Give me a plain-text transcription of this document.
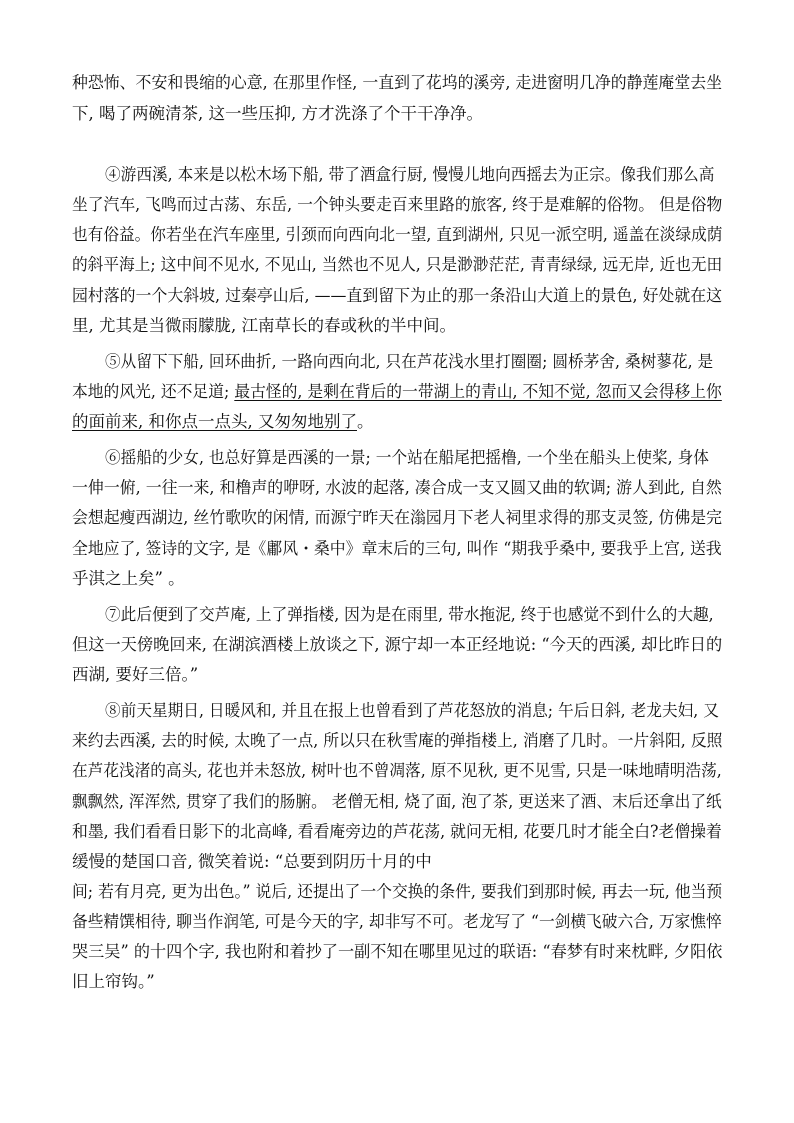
种恐怖、不安和畏缩的心意, 在那里作怪, 一直到了花坞的溪旁, 走进窗明几净的静莲庵堂去坐
下, 喝了两碗清茶, 这一些压抑, 方才洗涤了个干干净净。
④游西溪, 本来是以松木场下船, 带了酒盒行厨, 慢慢儿地向西摇去为正宗。像我们那么高
坐了汽车, 飞鸣而过古荡、东岳, 一个钟头要走百来里路的旅客, 终于是难解的俗物。 但是俗物
也有俗益。你若坐在汽车座里, 引颈而向西向北一望, 直到湖州, 只见一派空明, 遥盖在淡绿成荫
的斜平海上; 这中间不见水, 不见山, 当然也不见人, 只是渺渺茫茫, 青青绿绿, 远无岸, 近也无田
园村落的一个大斜坡, 过秦亭山后, ——直到留下为止的那一条沿山大道上的景色, 好处就在这
里, 尤其是当微雨朦胧, 江南草长的春或秋的半中间。
⑤从留下下船, 回环曲折, 一路向西向北, 只在芦花浅水里打圈圈; 圆桥茅舍, 桑树蓼花, 是
本地的风光, 还不足道; 最古怪的, 是剩在背后的一带湖上的青山, 不知不觉, 忽而又会得移上你
的面前来, 和你点一点头, 又匆匆地别了。
⑥摇船的少女, 也总好算是西溪的一景; 一个站在船尾把摇橹, 一个坐在船头上使桨, 身体
一伸一俯, 一往一来, 和橹声的咿呀, 水波的起落, 凑合成一支又圆又曲的软调; 游人到此, 自然
会想起瘦西湖边, 丝竹歌吹的闲情, 而源宁昨天在滃园月下老人祠里求得的那支灵签, 仿佛是完
全地应了, 签诗的文字, 是《鄘风・桑中》章末后的三句, 叫作 “期我乎桑中, 要我乎上宫, 送我
乎淇之上矣” 。
⑦此后便到了交芦庵, 上了弹指楼, 因为是在雨里, 带水拖泥, 终于也感觉不到什么的大趣,
但这一天傍晚回来, 在湖滨酒楼上放谈之下, 源宁却一本正经地说: “今天的西溪, 却比昨日的
西湖, 要好三倍。”
⑧前天星期日, 日暖风和, 并且在报上也曾看到了芦花怒放的消息; 午后日斜, 老龙夫妇, 又
来约去西溪, 去的时候, 太晚了一点, 所以只在秋雪庵的弹指楼上, 消磨了几时。一片斜阳, 反照
在芦花浅渚的高头, 花也并未怒放, 树叶也不曾凋落, 原不见秋, 更不见雪, 只是一味地晴明浩荡,
飘飘然, 浑浑然, 贯穿了我们的肠腑。 老僧无相, 烧了面, 泡了茶, 更送来了酒、末后还拿出了纸
和墨, 我们看看日影下的北高峰, 看看庵旁边的芦花荡, 就问无相, 花要几时才能全白?老僧操着
缓慢的楚国口音, 微笑着说: “总要到阴历十月的中
间; 若有月亮, 更为出色。” 说后, 还提出了一个交换的条件, 要我们到那时候, 再去一玩, 他当预
备些精馔相待, 聊当作润笔, 可是今天的字, 却非写不可。老龙写了 “一剑横飞破六合, 万家憔悴
哭三吴” 的十四个字, 我也附和着抄了一副不知在哪里见过的联语: “春梦有时来枕畔, 夕阳依
旧上帘钩。”
